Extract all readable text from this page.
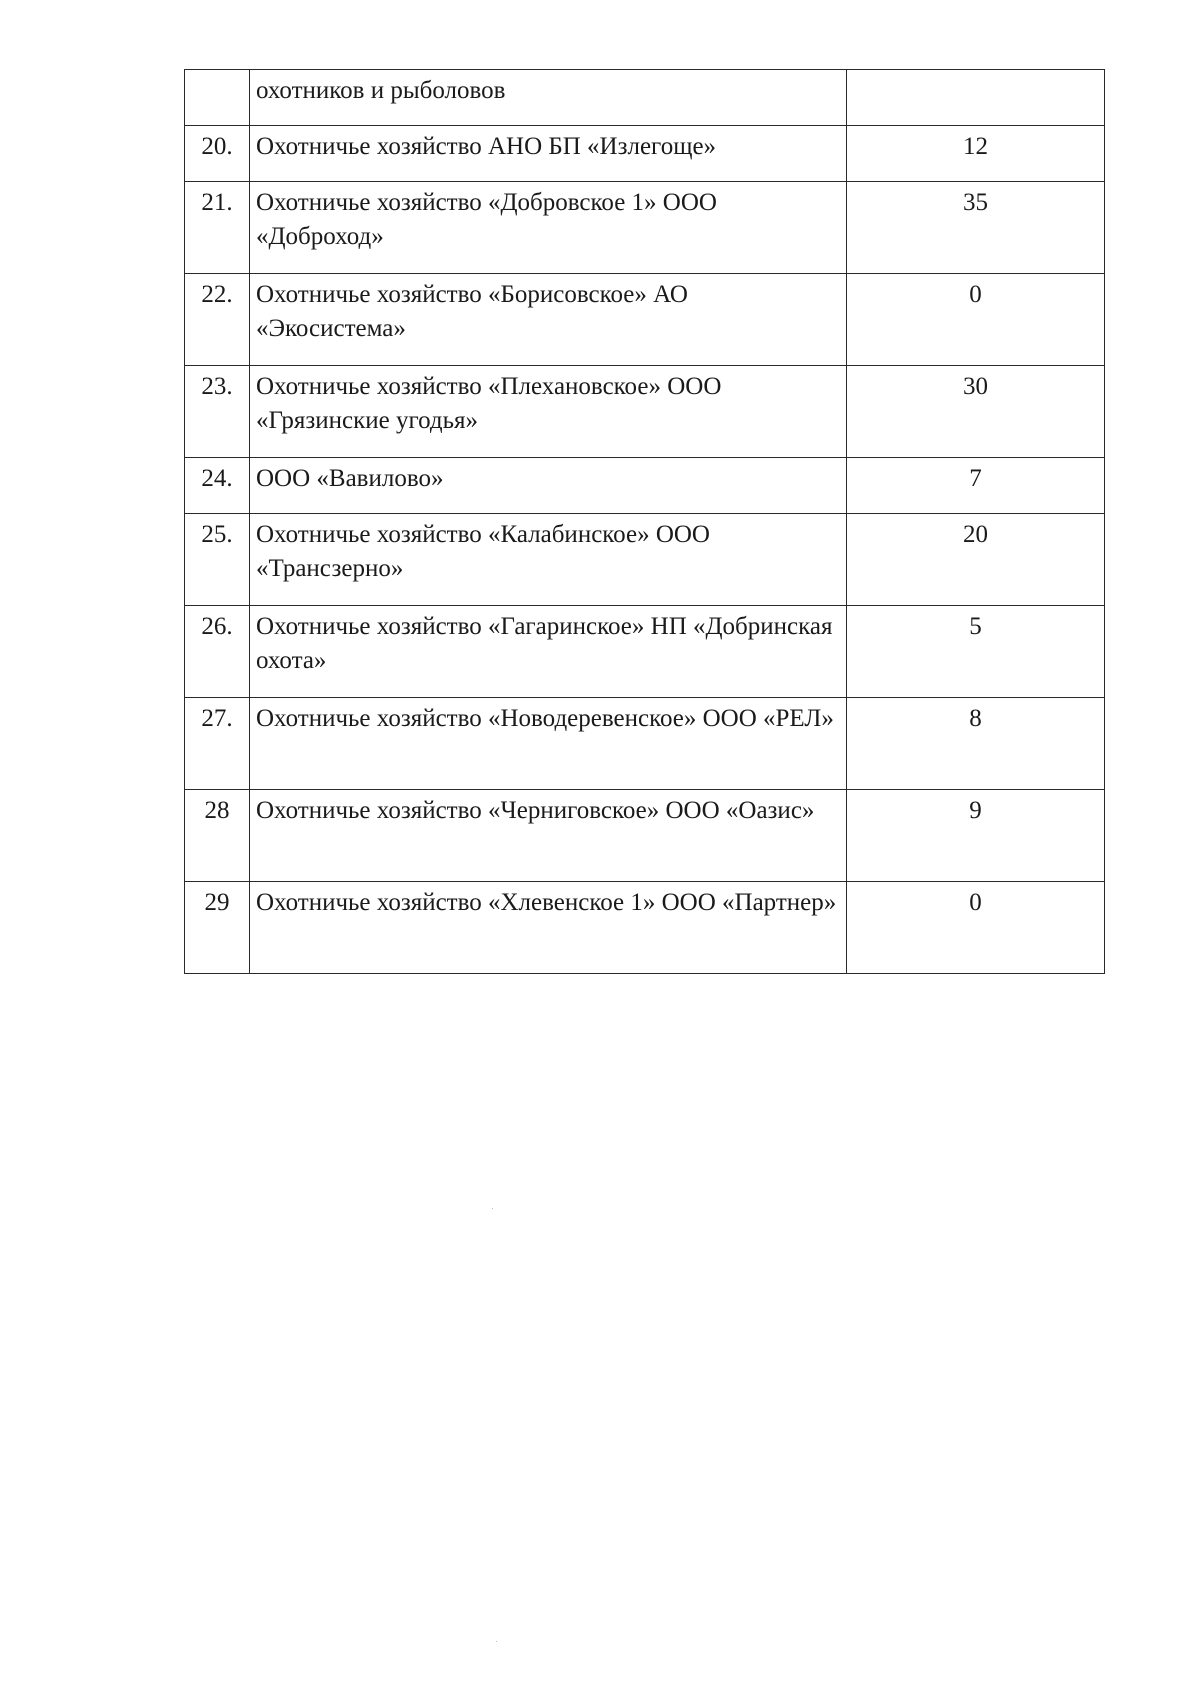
	охотников и рыболовов	
20.	Охотничье хозяйство АНО БП «Излегоще»	12
21.	Охотничье хозяйство «Добровское 1» ООО «Доброход»	35
22.	Охотничье хозяйство «Борисовское» АО «Экосистема»	0
23.	Охотничье хозяйство «Плехановское» ООО «Грязинские угодья»	30
24.	ООО «Вавилово»	7
25.	Охотничье хозяйство «Калабинское» ООО «Трансзерно»	20
26.	Охотничье хозяйство «Гагаринское» НП «Добринская охота»	5
27.	Охотничье хозяйство «Новодеревенское» ООО «РЕЛ»	8
28	Охотничье хозяйство «Черниговское» ООО «Оазис»	9
29	Охотничье хозяйство «Хлевенское 1» ООО «Партнер»	0
